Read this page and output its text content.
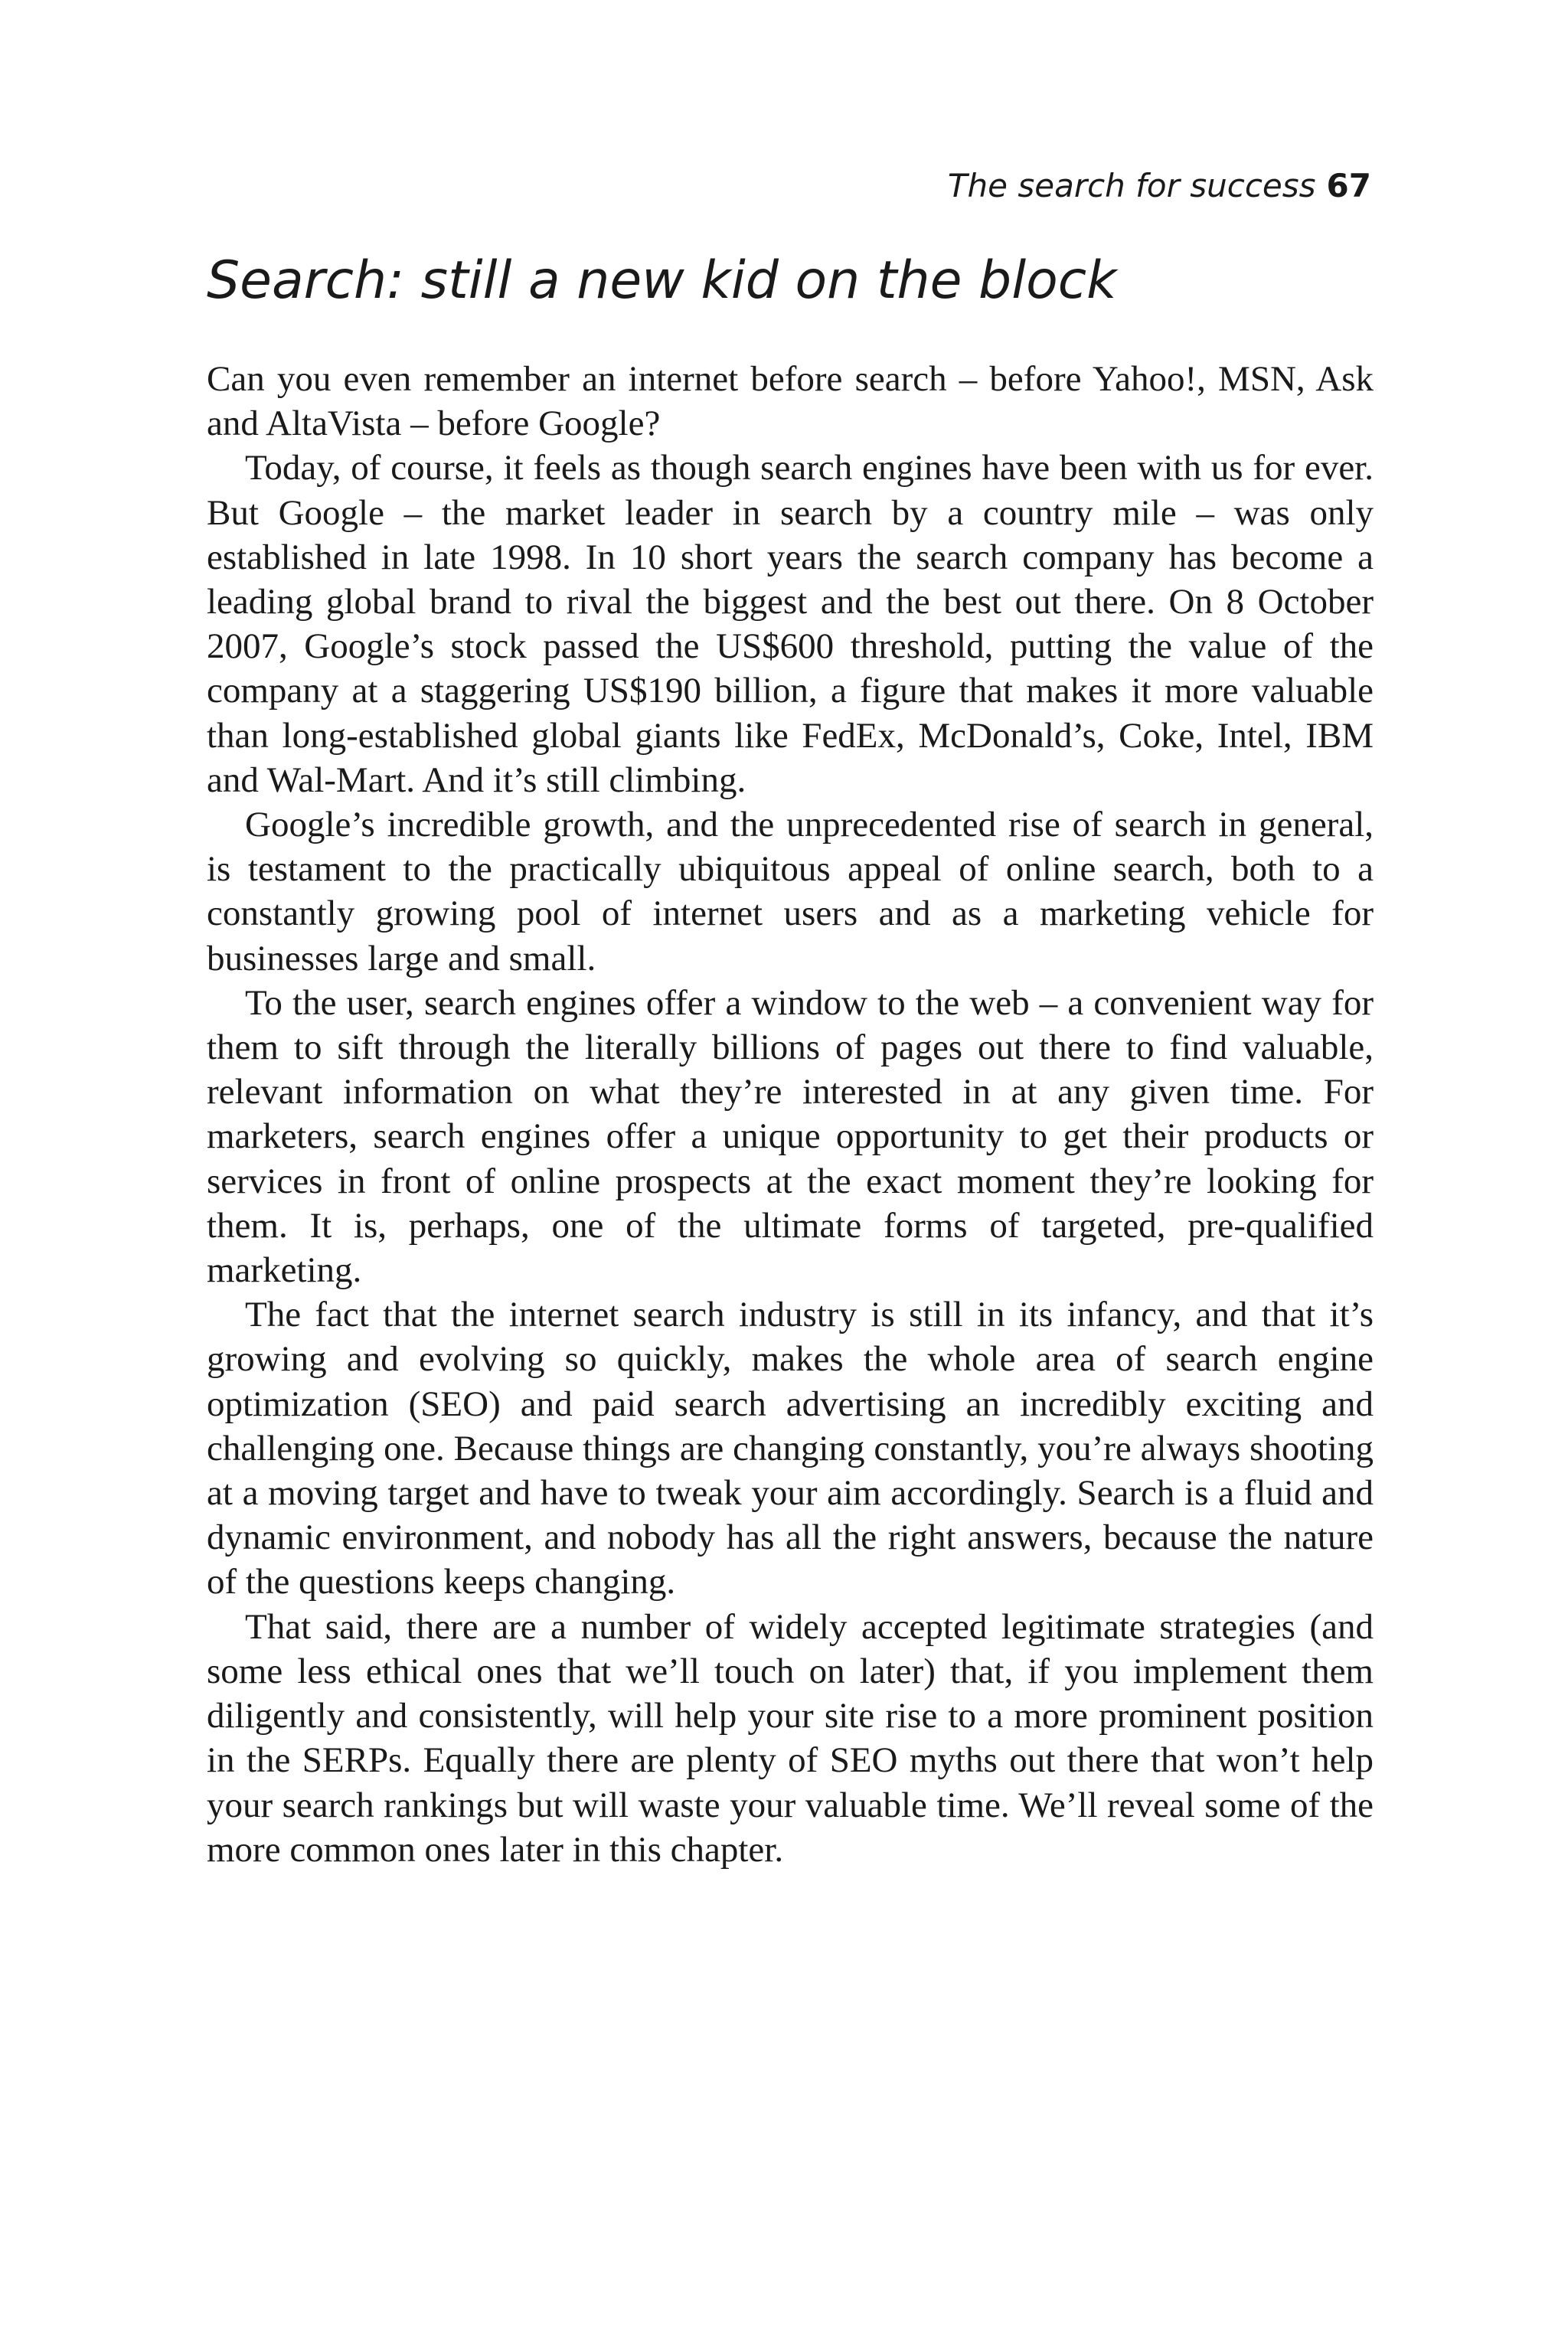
The search for success 67
Search: still a new kid on the block

Can you even remember an internet before search – before Yahoo!, MSN, Ask and AltaVista – before Google?

Today, of course, it feels as though search engines have been with us for ever. But Google – the market leader in search by a country mile – was only established in late 1998. In 10 short years the search company has become a leading global brand to rival the biggest and the best out there. On 8 October 2007, Google’s stock passed the US$600 threshold, putting the value of the company at a staggering US$190 billion, a figure that makes it more valuable than long-established global giants like FedEx, McDonald’s, Coke, Intel, IBM and Wal-Mart. And it’s still climbing.

Google’s incredible growth, and the unprecedented rise of search in general, is testament to the practically ubiquitous appeal of online search, both to a constantly growing pool of internet users and as a marketing vehicle for businesses large and small.

To the user, search engines offer a window to the web – a convenient way for them to sift through the literally billions of pages out there to find valuable, relevant information on what they’re interested in at any given time. For marketers, search engines offer a unique opportunity to get their products or services in front of online prospects at the exact moment they’re looking for them. It is, perhaps, one of the ultimate forms of targeted, pre-qualified marketing.

The fact that the internet search industry is still in its infancy, and that it’s growing and evolving so quickly, makes the whole area of search engine optimization (SEO) and paid search advertising an incredibly exciting and challenging one. Because things are changing constantly, you’re always shooting at a moving target and have to tweak your aim accordingly. Search is a fluid and dynamic environment, and nobody has all the right answers, because the nature of the questions keeps changing.

That said, there are a number of widely accepted legitimate strategies (and some less ethical ones that we’ll touch on later) that, if you implement them diligently and consistently, will help your site rise to a more prominent position in the SERPs. Equally there are plenty of SEO myths out there that won’t help your search rankings but will waste your valuable time. We’ll reveal some of the more common ones later in this chapter.
